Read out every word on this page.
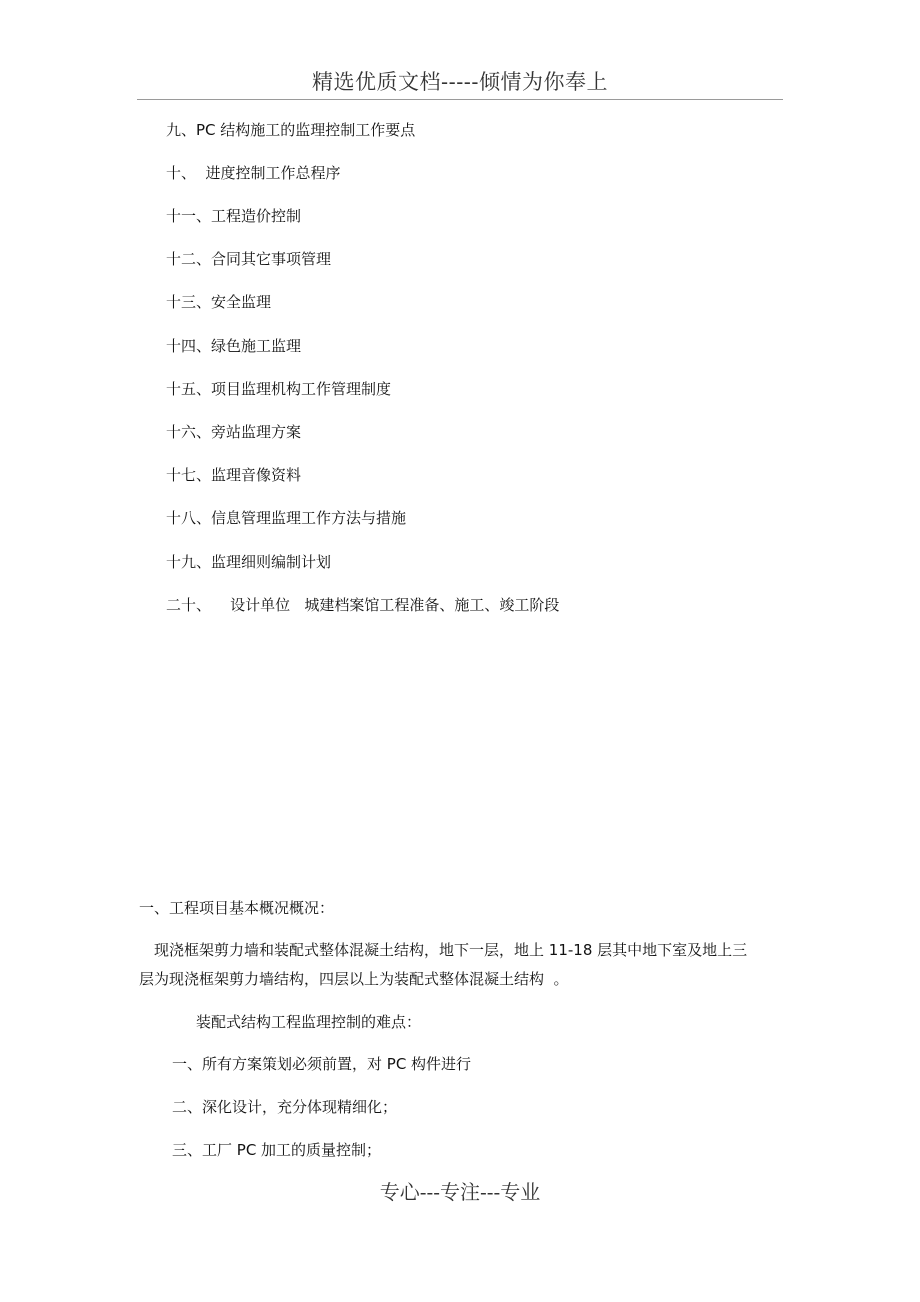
精选优质文档-----倾情为你奉上
九、PC 结构施工的监理控制工作要点
十、  进度控制工作总程序
十一、工程造价控制
十二、合同其它事项管理
十三、安全监理
十四、绿色施工监理
十五、项目监理机构工作管理制度
十六、旁站监理方案
十七、监理音像资料
十八、信息管理监理工作方法与措施
十九、监理细则编制计划
二十、    设计单位   城建档案馆工程准备、施工、竣工阶段
一、工程项目基本概况概况：
现浇框架剪力墙和装配式整体混凝土结构，地下一层，地上 11-18 层其中地下室及地上三
层为现浇框架剪力墙结构，四层以上为装配式整体混凝土结构  。
装配式结构工程监理控制的难点：
一、所有方案策划必须前置，对 PC 构件进行
二、深化设计，充分体现精细化；
三、工厂 PC 加工的质量控制；
专心---专注---专业
